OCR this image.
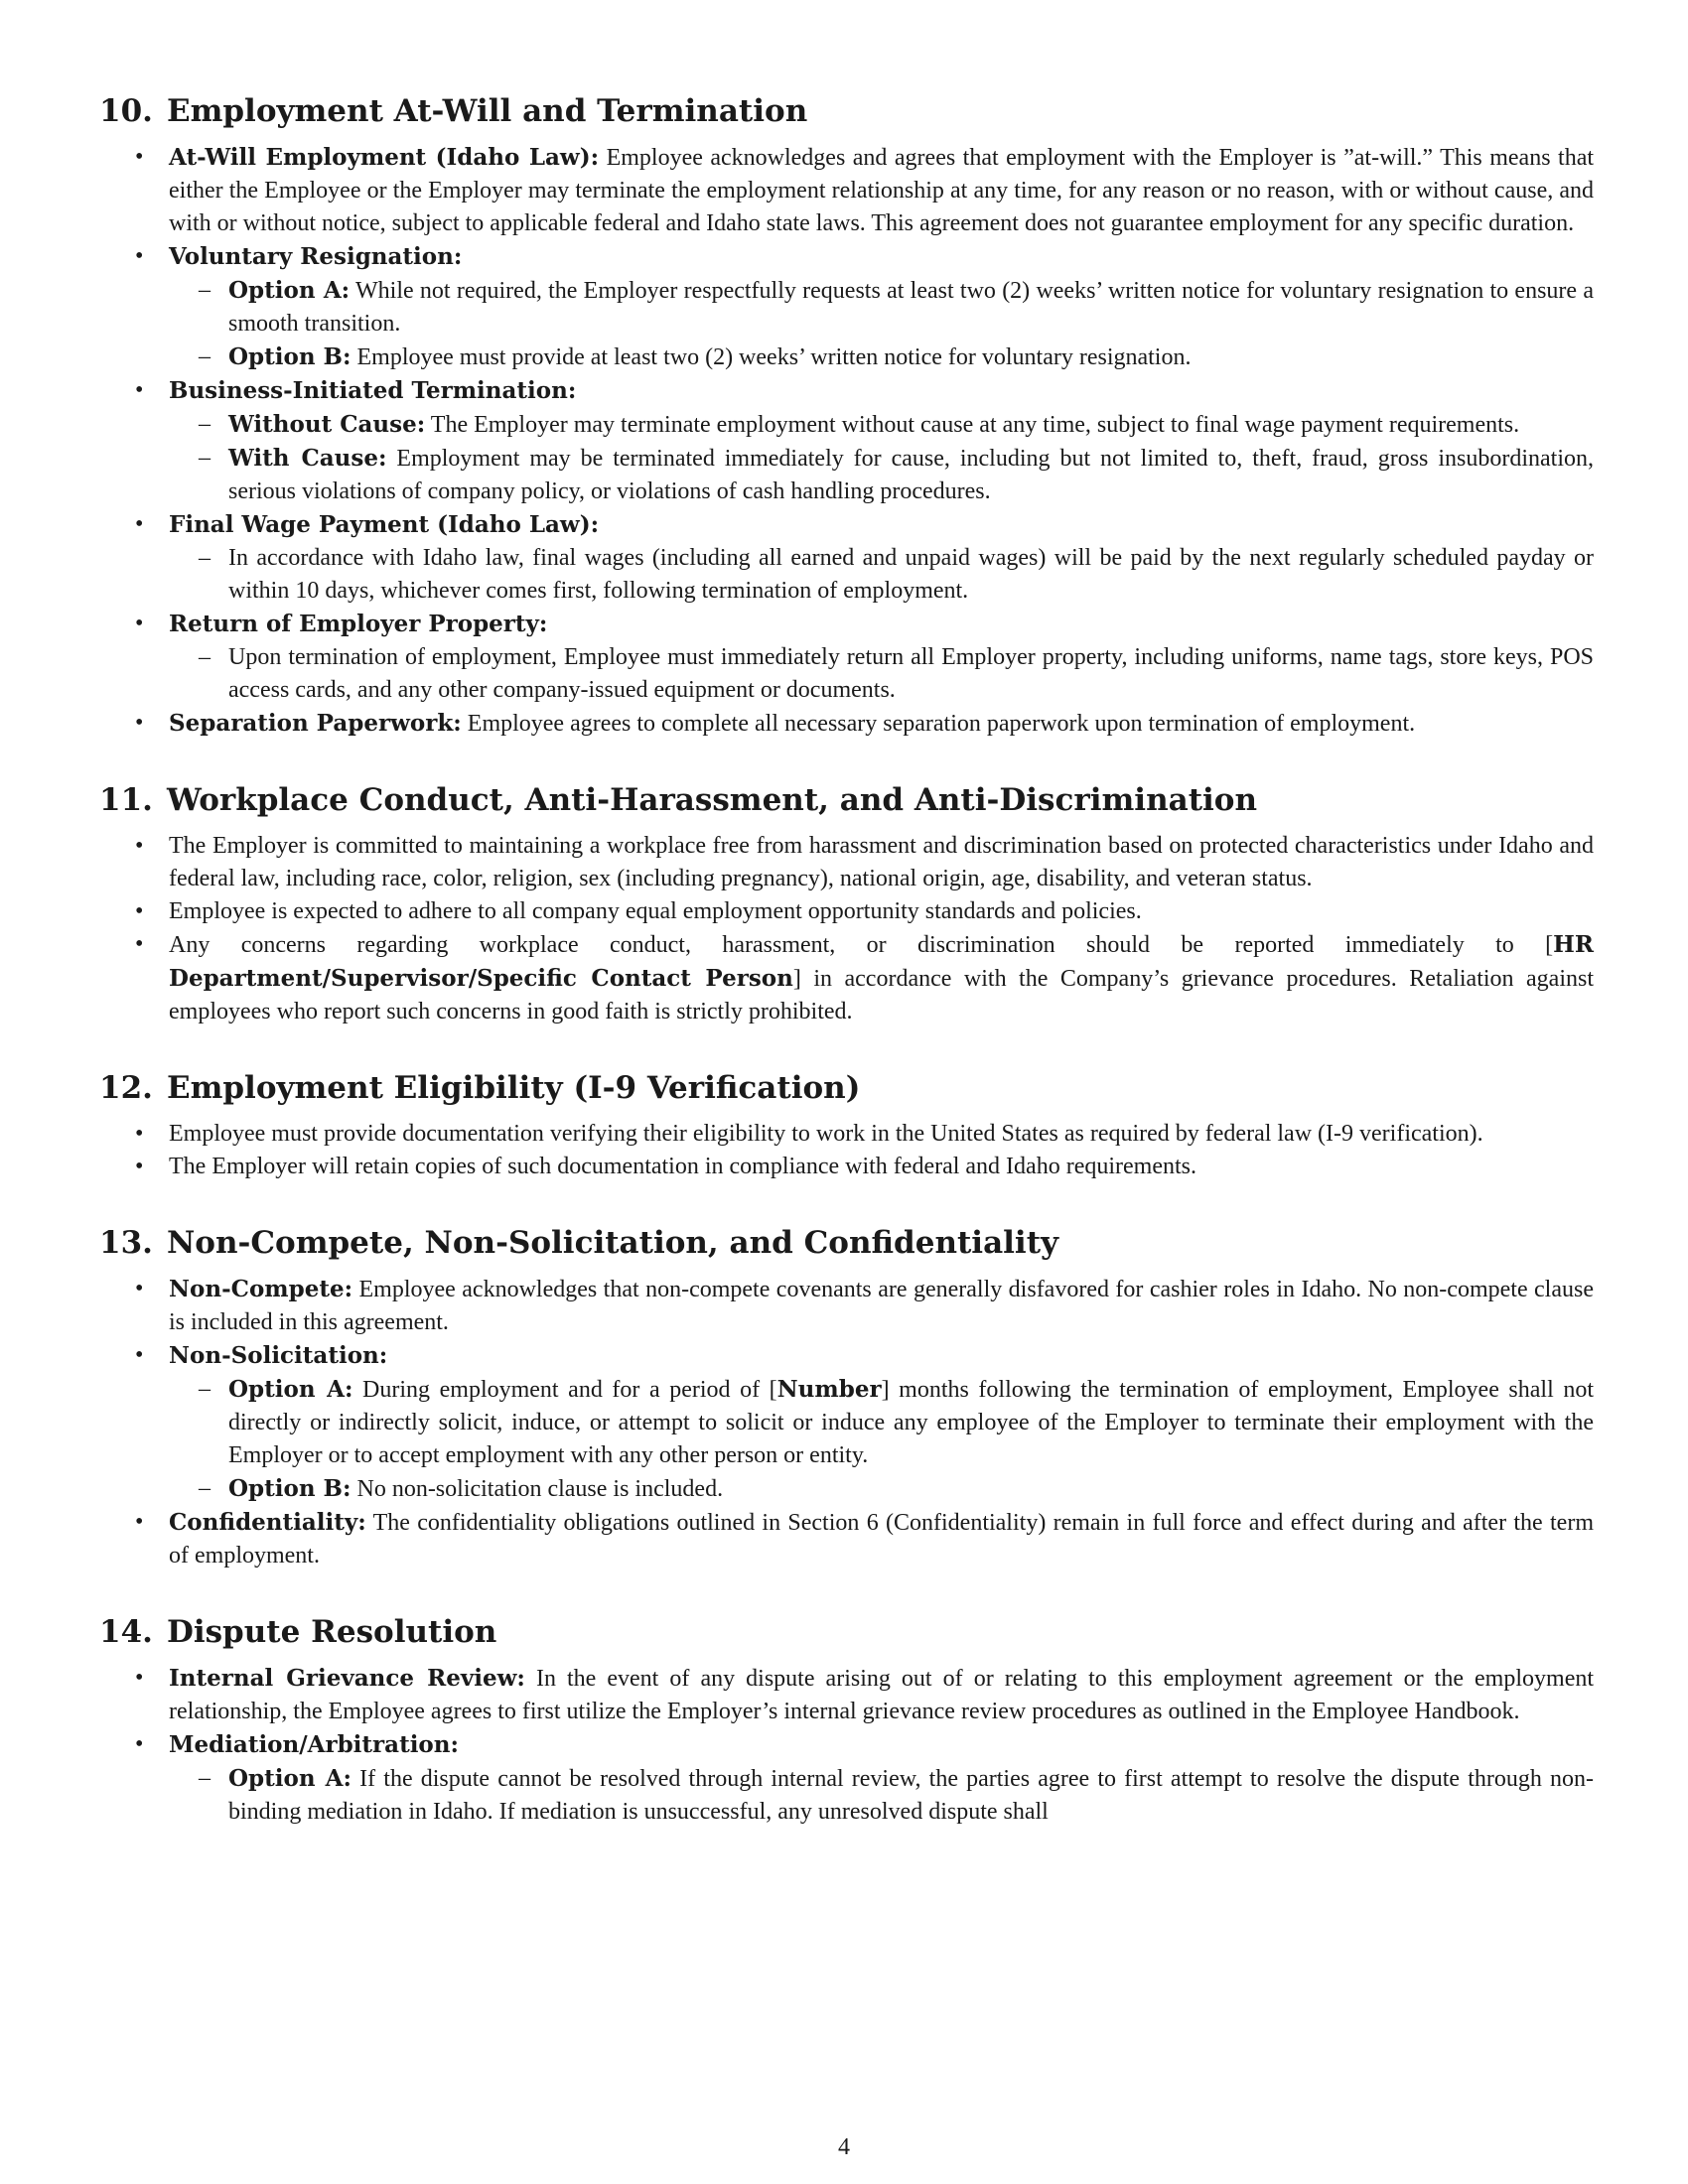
10. Employment At-Will and Termination
• At-Will Employment (Idaho Law): Employee acknowledges and agrees that employment with the Employer is ”at-will.” This means that either the Employee or the Employer may terminate the employment relationship at any time, for any reason or no reason, with or without cause, and with or without notice, subject to applicable federal and Idaho state laws. This agreement does not guarantee employment for any specific duration.
• Voluntary Resignation:
– Option A: While not required, the Employer respectfully requests at least two (2) weeks’ written notice for voluntary resignation to ensure a smooth transition.
– Option B: Employee must provide at least two (2) weeks’ written notice for voluntary resignation.
• Business-Initiated Termination:
– Without Cause: The Employer may terminate employment without cause at any time, subject to final wage payment requirements.
– With Cause: Employment may be terminated immediately for cause, including but not limited to, theft, fraud, gross insubordination, serious violations of company policy, or violations of cash handling procedures.
• Final Wage Payment (Idaho Law):
– In accordance with Idaho law, final wages (including all earned and unpaid wages) will be paid by the next regularly scheduled payday or within 10 days, whichever comes first, following termination of employment.
• Return of Employer Property:
– Upon termination of employment, Employee must immediately return all Employer property, including uniforms, name tags, store keys, POS access cards, and any other company-issued equipment or documents.
• Separation Paperwork: Employee agrees to complete all necessary separation paperwork upon termination of employment.
11. Workplace Conduct, Anti-Harassment, and Anti-Discrimination
• The Employer is committed to maintaining a workplace free from harassment and discrimination based on protected characteristics under Idaho and federal law, including race, color, religion, sex (including pregnancy), national origin, age, disability, and veteran status.
• Employee is expected to adhere to all company equal employment opportunity standards and policies.
• Any concerns regarding workplace conduct, harassment, or discrimination should be reported immediately to [HR Department/Supervisor/Specific Contact Person] in accordance with the Company’s grievance procedures. Retaliation against employees who report such concerns in good faith is strictly prohibited.
12. Employment Eligibility (I-9 Verification)
• Employee must provide documentation verifying their eligibility to work in the United States as required by federal law (I-9 verification).
• The Employer will retain copies of such documentation in compliance with federal and Idaho requirements.
13. Non-Compete, Non-Solicitation, and Confidentiality
• Non-Compete: Employee acknowledges that non-compete covenants are generally disfavored for cashier roles in Idaho. No non-compete clause is included in this agreement.
• Non-Solicitation:
– Option A: During employment and for a period of [Number] months following the termination of employment, Employee shall not directly or indirectly solicit, induce, or attempt to solicit or induce any employee of the Employer to terminate their employment with the Employer or to accept employment with any other person or entity.
– Option B: No non-solicitation clause is included.
• Confidentiality: The confidentiality obligations outlined in Section 6 (Confidentiality) remain in full force and effect during and after the term of employment.
14. Dispute Resolution
• Internal Grievance Review: In the event of any dispute arising out of or relating to this employment agreement or the employment relationship, the Employee agrees to first utilize the Employer’s internal grievance review procedures as outlined in the Employee Handbook.
• Mediation/Arbitration:
– Option A: If the dispute cannot be resolved through internal review, the parties agree to first attempt to resolve the dispute through non-binding mediation in Idaho. If mediation is unsuccessful, any unresolved dispute shall
4
